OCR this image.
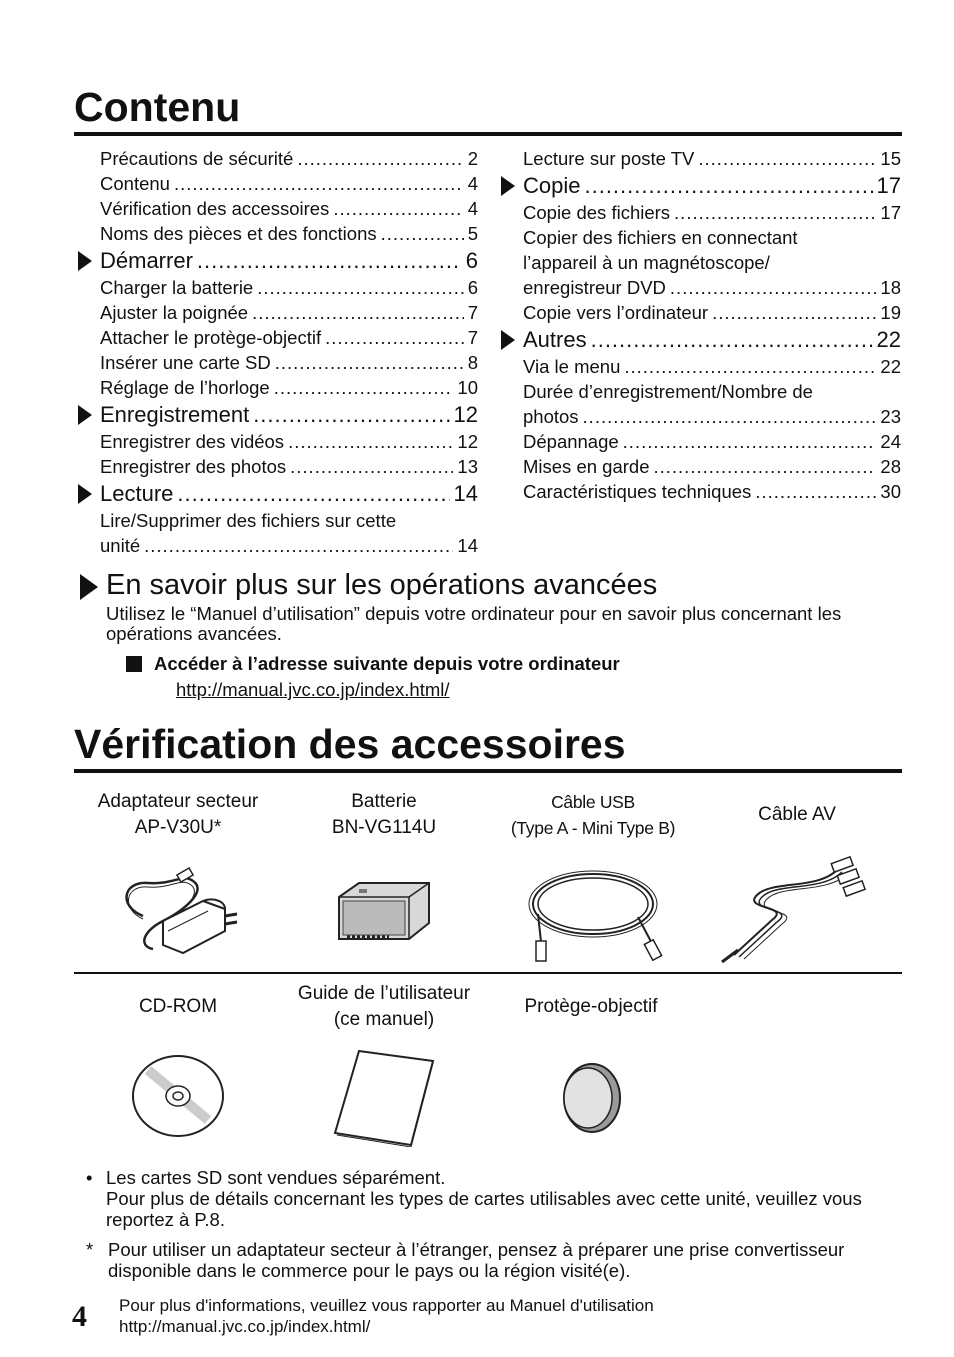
Contenu
Précautions de sécurité .....	2
Contenu .....	4
Vérification des accessoires .....	4
Noms des pièces et des fonctions .....	5
Démarrer .....	6
Charger la batterie .....	6
Ajuster la poignée .....	7
Attacher le protège-objectif .....	7
Insérer une carte SD .....	8
Réglage de l’horloge .....	10
Enregistrement .....	12
Enregistrer des vidéos .....	12
Enregistrer des photos .....	13
Lecture .....	14
Lire/Supprimer des fichiers sur cette
unité .....	14
Lecture sur poste TV .....	15
Copie .....	17
Copie des fichiers .....	17
Copier des fichiers en connectant
l’appareil à un magnétoscope/
enregistreur DVD .....	18
Copie vers l’ordinateur .....	19
Autres .....	22
Via le menu .....	22
Durée d’enregistrement/Nombre de
photos .....	23
Dépannage .....	24
Mises en garde .....	28
Caractéristiques techniques .....	30
En savoir plus sur les opérations avancées
Utilisez le “Manuel d’utilisation” depuis votre ordinateur pour en savoir plus concernant les opérations avancées.
Accéder à l’adresse suivante depuis votre ordinateur
http://manual.jvc.co.jp/index.html/
Vérification des accessoires
Adaptateur secteur
AP-V30U*
Batterie
BN-VG114U
Câble USB
(Type A - Mini Type B)
Câble AV
CD-ROM
Guide de l’utilisateur
(ce manuel)
Protège-objectif
• Les cartes SD sont vendues séparément.
Pour plus de détails concernant les types de cartes utilisables avec cette unité, veuillez vous reportez à P.8.
* Pour utiliser un adaptateur secteur à l’étranger, pensez à préparer une prise convertisseur disponible dans le commerce pour le pays ou la région visité(e).
4 Pour plus d'informations, veuillez vous rapporter au Manuel d'utilisation
http://manual.jvc.co.jp/index.html/
